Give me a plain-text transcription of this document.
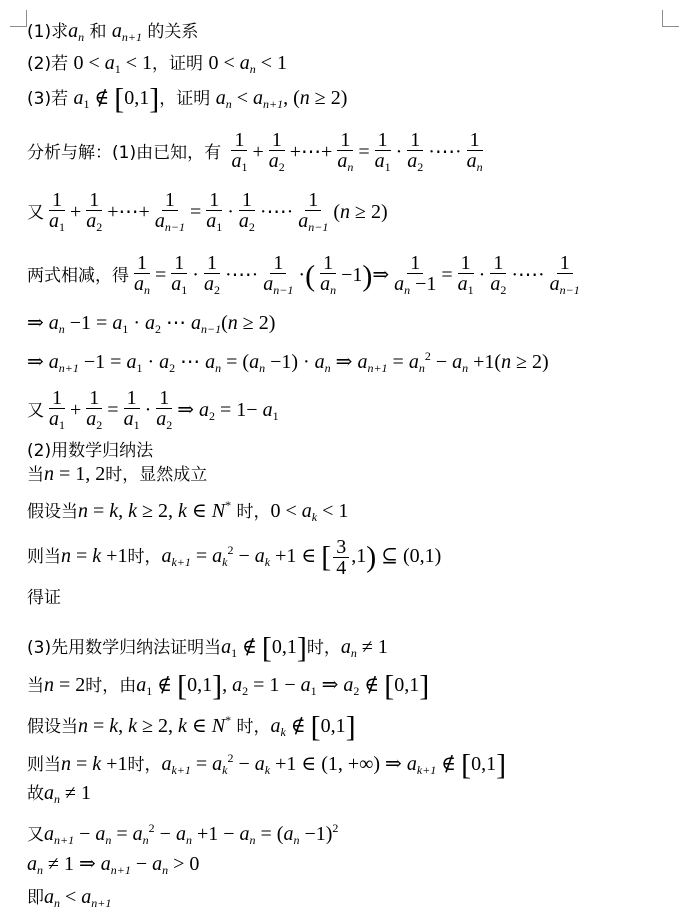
(1)求$a_n$ 和 $a_{n+1}$ 的关系
(2)若 $0 < a_1 < 1$，证明 $0 < a_n < 1$
(3)若 $a_1$ ∉ [0,1]，证明 $a_n < a_{n+1}$, (n ≥ 2)
分析与解：(1)由已知，有 $\frac{1}{a_1} + \frac{1}{a_2}$ +⋯+ $\frac{1}{a_n} = \frac{1}{a_1} \cdot \frac{1}{a_2}$ ·⋯· $\frac{1}{a_n}$
又 $\frac{1}{a_1} + \frac{1}{a_2}$ +⋯+ $\frac{1}{a_{n-1}} = \frac{1}{a_1} \cdot \frac{1}{a_2}$ ·⋯· $\frac{1}{a_{n-1}} (n \ge 2)$
两式相减，得 $\frac{1}{a_n} = \frac{1}{a_1} \cdot \frac{1}{a_2}$ ·⋯· $\frac{1}{a_{n-1}}$ ·( $\frac{1}{a_n}$ −1)⇒ $\frac{1}{a_n -1} = \frac{1}{a_1} \cdot \frac{1}{a_2}$ ·⋯· $\frac{1}{a_{n-1}}$
⇒ $a_n -1 = a_1 \cdot a_2$ ⋯ $a_{n-1}(n \ge 2)$
⇒ $a_{n+1} -1 = a_1 \cdot a_2$ ⋯ $a_n = (a_n -1) \cdot a_n$ ⇒ $a_{n+1} = a_n^2 - a_n +1(n \ge 2)$
又 $\frac{1}{a_1} + \frac{1}{a_2} = \frac{1}{a_1} \cdot \frac{1}{a_2}$ ⇒ $a_2 = 1- a_1$
(2)用数学归纳法
当n = 1, 2时，显然成立
假设当n = k, k ≥ 2, k ∈ N* 时，$0 < a_k < 1$
则当n = k +1时，$a_{k+1} = a_k^2 - a_k +1$ ∈ [ $\frac{3}{4} ,1$) ⊆ (0,1)
得证
(3)先用数学归纳法证明当$a_1$ ∉ [0,1]时，$a_n \ne 1$
当n = 2时，由$a_1$ ∉ [0,1], $a_2 = 1 - a_1$ ⇒ $a_2$ ∉ [0,1]
假设当n = k, k ≥ 2, k ∈ N* 时，$a_k$ ∉ [0,1]
则当n = k +1时，$a_{k+1} = a_k^2 - a_k +1$ ∈ (1, +∞) ⇒ $a_{k+1}$ ∉ [0,1]
故$a_n \ne 1$
又$a_{n+1} - a_n = a_n^2 - a_n +1 - a_n = (a_n -1)^2$
$a_n \ne 1$ ⇒ $a_{n+1} - a_n > 0$
即$a_n < a_{n+1}$
